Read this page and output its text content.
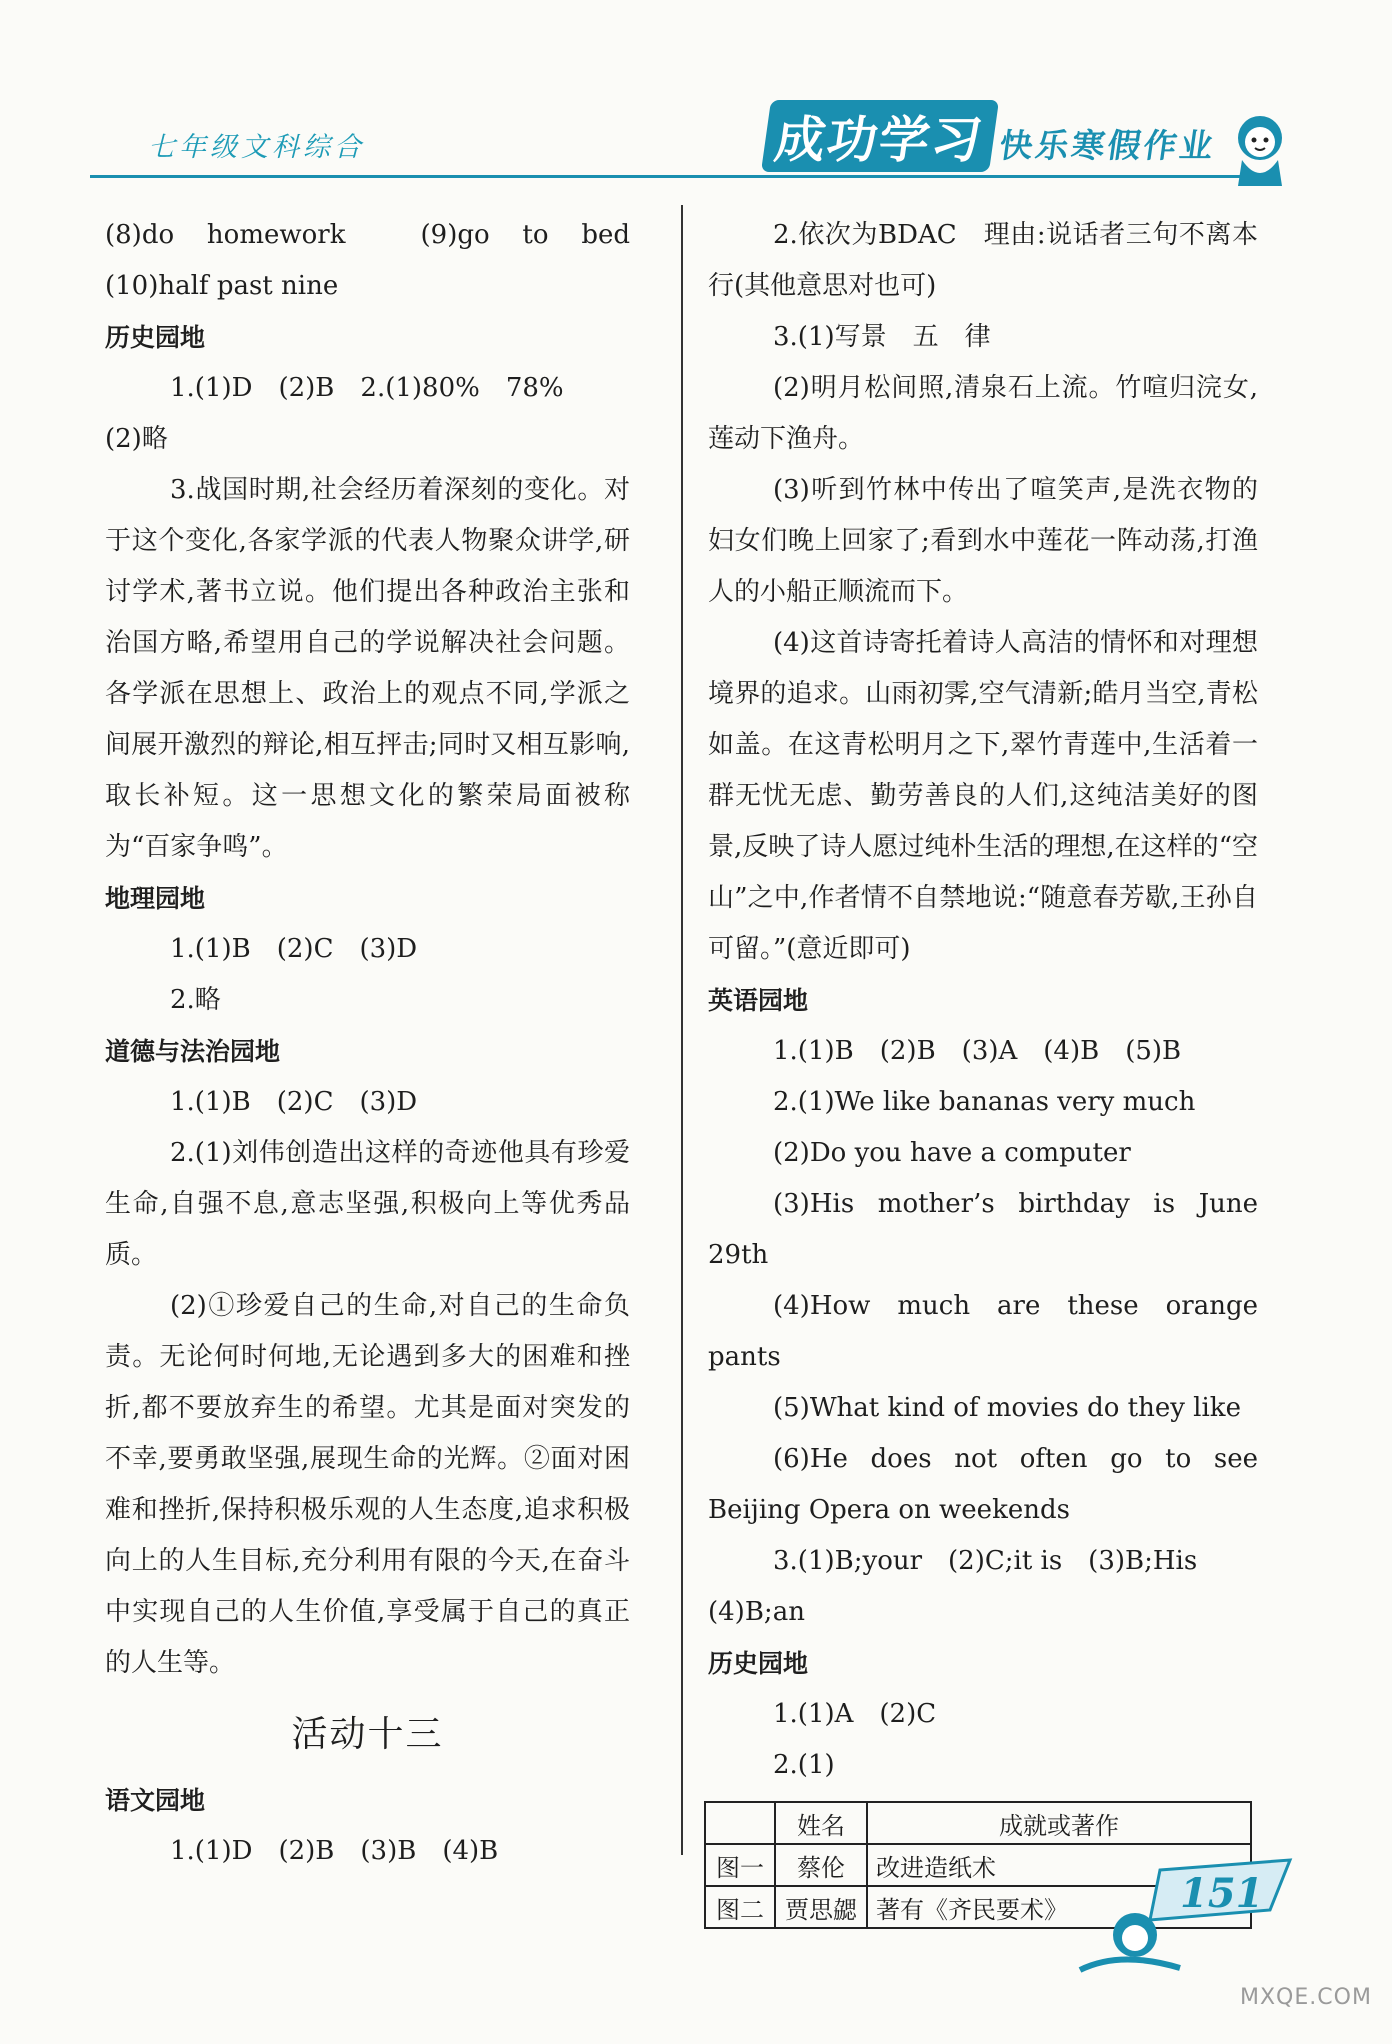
七年级文科综合	成功学习 快乐寒假作业

(8)do homework　(9)go to bed　(10)half past nine

历史园地

1.(1)D　(2)B　2.(1)80%　78%

(2)略

3.战国时期,社会经历着深刻的变化。对于这个变化,各家学派的代表人物聚众讲学,研讨学术,著书立说。他们提出各种政治主张和治国方略,希望用自己的学说解决社会问题。各学派在思想上、政治上的观点不同,学派之间展开激烈的辩论,相互抨击;同时又相互影响,取长补短。这一思想文化的繁荣局面被称为“百家争鸣”。

地理园地

1.(1)B　(2)C　(3)D

2.略

道德与法治园地

1.(1)B　(2)C　(3)D

2.(1)刘伟创造出这样的奇迹他具有珍爱生命,自强不息,意志坚强,积极向上等优秀品质。

(2)①珍爱自己的生命,对自己的生命负责。无论何时何地,无论遇到多大的困难和挫折,都不要放弃生的希望。尤其是面对突发的不幸,要勇敢坚强,展现生命的光辉。②面对困难和挫折,保持积极乐观的人生态度,追求积极向上的人生目标,充分利用有限的今天,在奋斗中实现自己的人生价值,享受属于自己的真正的人生等。

活动十三
语文园地

1.(1)D　(2)B　(3)B　(4)B

2.依次为BDAC　理由:说话者三句不离本行(其他意思对也可)

3.(1)写景　五　律

(2)明月松间照,清泉石上流。竹喧归浣女,莲动下渔舟。

(3)听到竹林中传出了喧笑声,是洗衣物的妇女们晚上回家了;看到水中莲花一阵动荡,打渔人的小船正顺流而下。

(4)这首诗寄托着诗人高洁的情怀和对理想境界的追求。山雨初霁,空气清新;皓月当空,青松如盖。在这青松明月之下,翠竹青莲中,生活着一群无忧无虑、勤劳善良的人们,这纯洁美好的图景,反映了诗人愿过纯朴生活的理想,在这样的“空山”之中,作者情不自禁地说:“随意春芳歇,王孙自可留。”(意近即可)

英语园地

1.(1)B　(2)B　(3)A　(4)B　(5)B

2.(1)We like bananas very much

(2)Do you have a computer

(3)His mother’s birthday is June 29th

(4)How much are these orange pants

(5)What kind of movies do they like

(6)He does not often go to see Beijing Opera on weekends

3.(1)B;your　(2)C;it is　(3)B;His

(4)B;an

历史园地

1.(1)A　(2)C

2.(1)

	姓名	成就或著作
图一	蔡伦	改进造纸术
图二	贾思勰	著有《齐民要术》	151
MXQE.COM
